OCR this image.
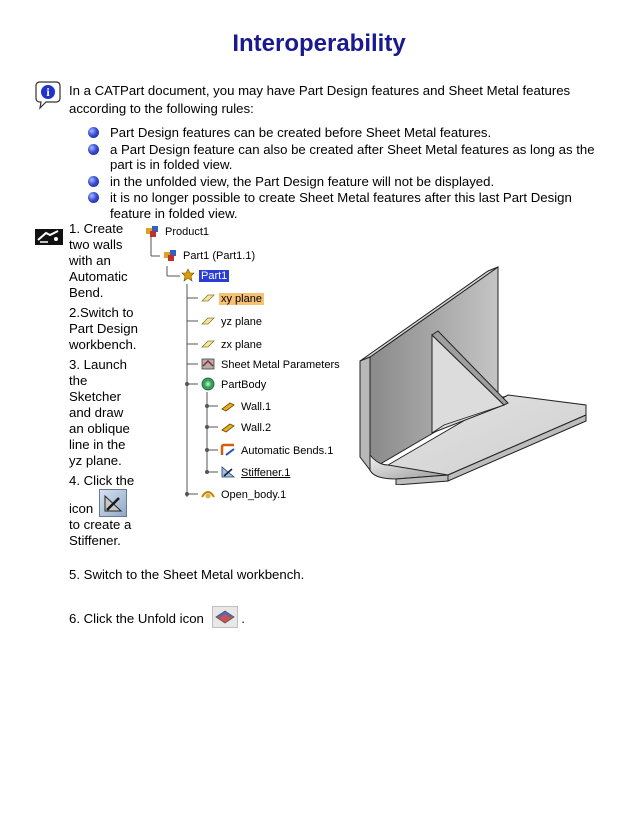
Interoperability
i In a CATPart document, you may have Part Design features and Sheet Metal features according to the following rules:
Part Design features can be created before Sheet Metal features.
a Part Design feature can also be created after Sheet Metal features as long as the part is in folded view.
in the unfolded view, the Part Design feature will not be displayed.
it is no longer possible to create Sheet Metal features after this last Part Design feature in folded view.
1. Create two walls with an Automatic Bend.
2.Switch to Part Design workbench.
3. Launch the Sketcher and draw an oblique line in the yz plane.
4. Click the icon
to create a Stiffener.
5. Switch to the Sheet Metal workbench.
6. Click the Unfold icon	.
Product1
Part1 (Part1.1)
Part1
xy plane
yz plane
zx plane
Sheet Metal Parameters
PartBody
Wall.1
Wall.2
Automatic Bends.1
Stiffener.1
Open_body.1
